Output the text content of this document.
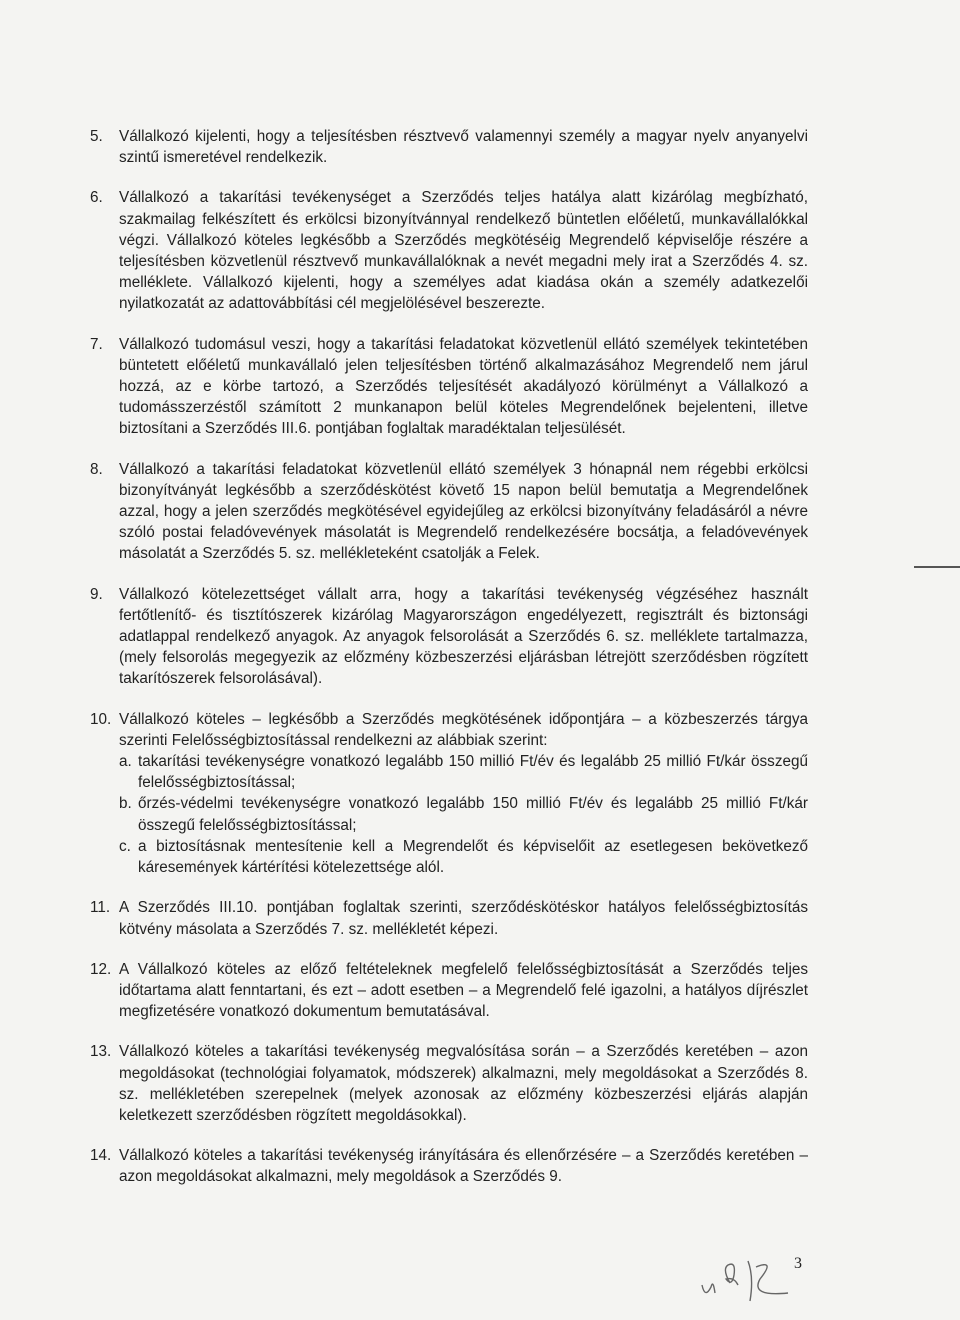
5. Vállalkozó kijelenti, hogy a teljesítésben résztvevő valamennyi személy a magyar nyelv anyanyelvi szintű ismeretével rendelkezik.
6. Vállalkozó a takarítási tevékenységet a Szerződés teljes hatálya alatt kizárólag megbízható, szakmailag felkészített és erkölcsi bizonyítvánnyal rendelkező büntetlen előéletű, munkavállalókkal végzi. Vállalkozó köteles legkésőbb a Szerződés megkötéséig Megrendelő képviselője részére a teljesítésben közvetlenül résztvevő munkavállalóknak a nevét megadni mely irat a Szerződés 4. sz. melléklete. Vállalkozó kijelenti, hogy a személyes adat kiadása okán a személy adatkezelői nyilatkozatát az adattovábbítási cél megjelölésével beszerezte.
7. Vállalkozó tudomásul veszi, hogy a takarítási feladatokat közvetlenül ellátó személyek tekintetében büntetett előéletű munkavállaló jelen teljesítésben történő alkalmazásához Megrendelő nem járul hozzá, az e körbe tartozó, a Szerződés teljesítését akadályozó körülményt a Vállalkozó a tudomásszerzéstől számított 2 munkanapon belül köteles Megrendelőnek bejelenteni, illetve biztosítani a Szerződés III.6. pontjában foglaltak maradéktalan teljesülését.
8. Vállalkozó a takarítási feladatokat közvetlenül ellátó személyek 3 hónapnál nem régebbi erkölcsi bizonyítványát legkésőbb a szerződéskötést követő 15 napon belül bemutatja a Megrendelőnek azzal, hogy a jelen szerződés megkötésével egyidejűleg az erkölcsi bizonyítvány feladásáról a névre szóló postai feladóvevények másolatát is Megrendelő rendelkezésére bocsátja, a feladóvevények másolatát a Szerződés 5. sz. mellékleteként csatolják a Felek.
9. Vállalkozó kötelezettséget vállalt arra, hogy a takarítási tevékenység végzéséhez használt fertőtlenítő- és tisztítószerek kizárólag Magyarországon engedélyezett, regisztrált és biztonsági adatlappal rendelkező anyagok. Az anyagok felsorolását a Szerződés 6. sz. melléklete tartalmazza, (mely felsorolás megegyezik az előzmény közbeszerzési eljárásban létrejött szerződésben rögzített takarítószerek felsorolásával).
10. Vállalkozó köteles – legkésőbb a Szerződés megkötésének időpontjára – a közbeszerzés tárgya szerinti Felelősségbiztosítással rendelkezni az alábbiak szerint:
a. takarítási tevékenységre vonatkozó legalább 150 millió Ft/év és legalább 25 millió Ft/kár összegű felelősségbiztosítással;
b. őrzés-védelmi tevékenységre vonatkozó legalább 150 millió Ft/év és legalább 25 millió Ft/kár összegű felelősségbiztosítással;
c. a biztosításnak mentesítenie kell a Megrendelőt és képviselőit az esetlegesen bekövetkező káresemények kártérítési kötelezettsége alól.
11. A Szerződés III.10. pontjában foglaltak szerinti, szerződéskötéskor hatályos felelősségbiztosítás kötvény másolata a Szerződés 7. sz. mellékletét képezi.
12. A Vállalkozó köteles az előző feltételeknek megfelelő felelősségbiztosítását a Szerződés teljes időtartama alatt fenntartani, és ezt – adott esetben – a Megrendelő felé igazolni, a hatályos díjrészlet megfizetésére vonatkozó dokumentum bemutatásával.
13. Vállalkozó köteles a takarítási tevékenység megvalósítása során – a Szerződés keretében – azon megoldásokat (technológiai folyamatok, módszerek) alkalmazni, mely megoldásokat a Szerződés 8. sz. mellékletében szerepelnek (melyek azonosak az előzmény közbeszerzési eljárás alapján keletkezett szerződésben rögzített megoldásokkal).
14. Vállalkozó köteles a takarítási tevékenység irányítására és ellenőrzésére – a Szerződés keretében – azon megoldásokat alkalmazni, mely megoldások a Szerződés 9.
3
